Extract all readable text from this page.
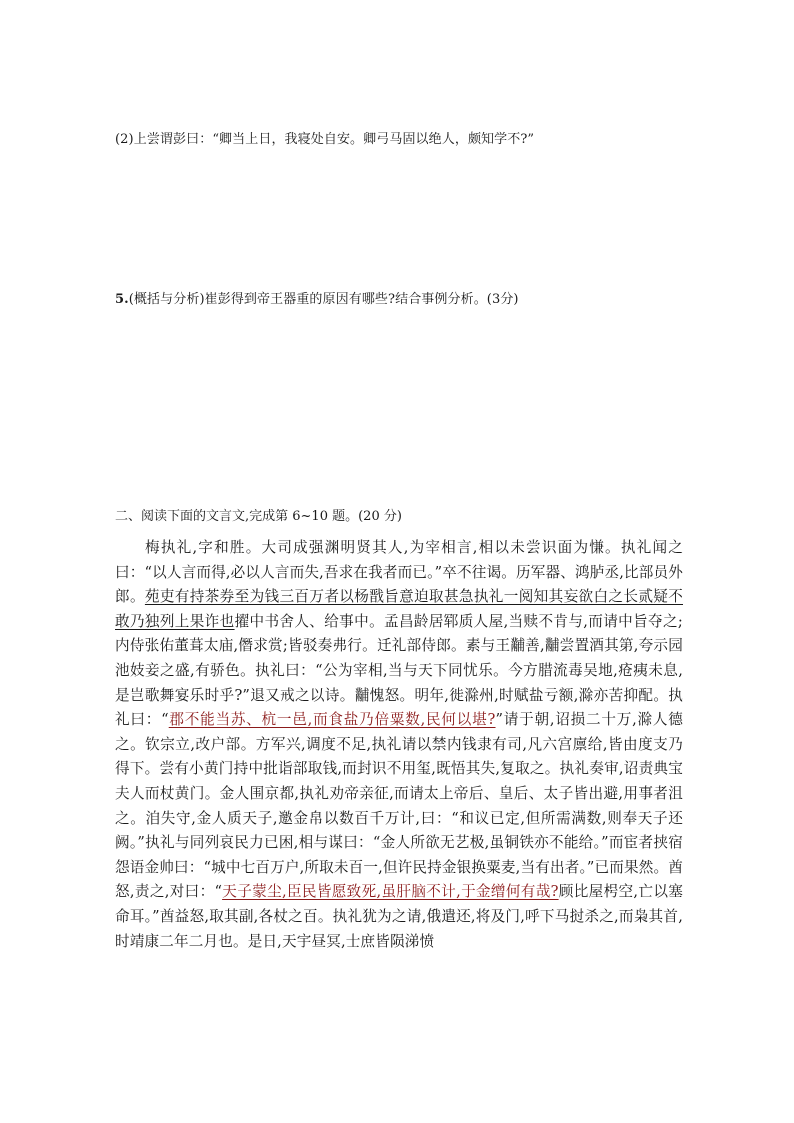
(2)上尝谓彭曰：“卿当上日，我寝处自安。卿弓马固以绝人，颇知学不?”
5.(概括与分析)崔彭得到帝王器重的原因有哪些?结合事例分析。(3分)
二、阅读下面的文言文,完成第 6~10 题。(20 分)
梅执礼,字和胜。大司成强渊明贤其人,为宰相言,相以未尝识面为慊。执礼闻之曰：“以人言而得,必以人言而失,吾求在我者而已。”卒不往谒。历军器、鸿胪丞,比部员外郎。苑吏有持茶券至为钱三百万者以杨戬旨意迫取甚急执礼一阅知其妄欲白之长贰疑不敢乃独列上果诈也擢中书舍人、给事中。孟昌龄居郓质人屋,当赎不肯与,而请中旨夺之;内侍张佑董葺太庙,僭求赏;皆驳奏弗行。迁礼部侍郎。素与王黼善,黼尝置酒其第,夸示园池妓妾之盛,有骄色。执礼曰：“公为宰相,当与天下同忧乐。今方腊流毒吴地,疮痍未息,是岂歌舞宴乐时乎?”退又戒之以诗。黼愧怒。明年,徙滁州,时赋盐亏额,滁亦苦抑配。执礼曰：“郡不能当苏、杭一邑,而食盐乃倍粟数,民何以堪?”请于朝,诏损二十万,滁人德之。钦宗立,改户部。方军兴,调度不足,执礼请以禁内钱隶有司,凡六宫廪给,皆由度支乃得下。尝有小黄门持中批诣部取钱,而封识不用玺,既悟其失,复取之。执礼奏审,诏责典宝夫人而杖黄门。金人围京都,执礼劝帝亲征,而请太上帝后、皇后、太子皆出避,用事者沮之。洎失守,金人质天子,邀金帛以数百千万计,曰：“和议已定,但所需满数,则奉天子还阙。”执礼与同列哀民力已困,相与谋曰：“金人所欲无艺极,虽铜铁亦不能给。”而宦者挟宿怨语金帅曰：“城中七百万户,所取未百一,但许民持金银换粟麦,当有出者。”已而果然。酋怒,责之,对曰：“天子蒙尘,臣民皆愿致死,虽肝脑不计,于金缯何有哉?顾比屋枵空,亡以塞命耳。”酋益怒,取其副,各杖之百。执礼犹为之请,俄遣还,将及门,呼下马挝杀之,而枭其首,时靖康二年二月也。是日,天宇昼冥,士庶皆陨涕愤
